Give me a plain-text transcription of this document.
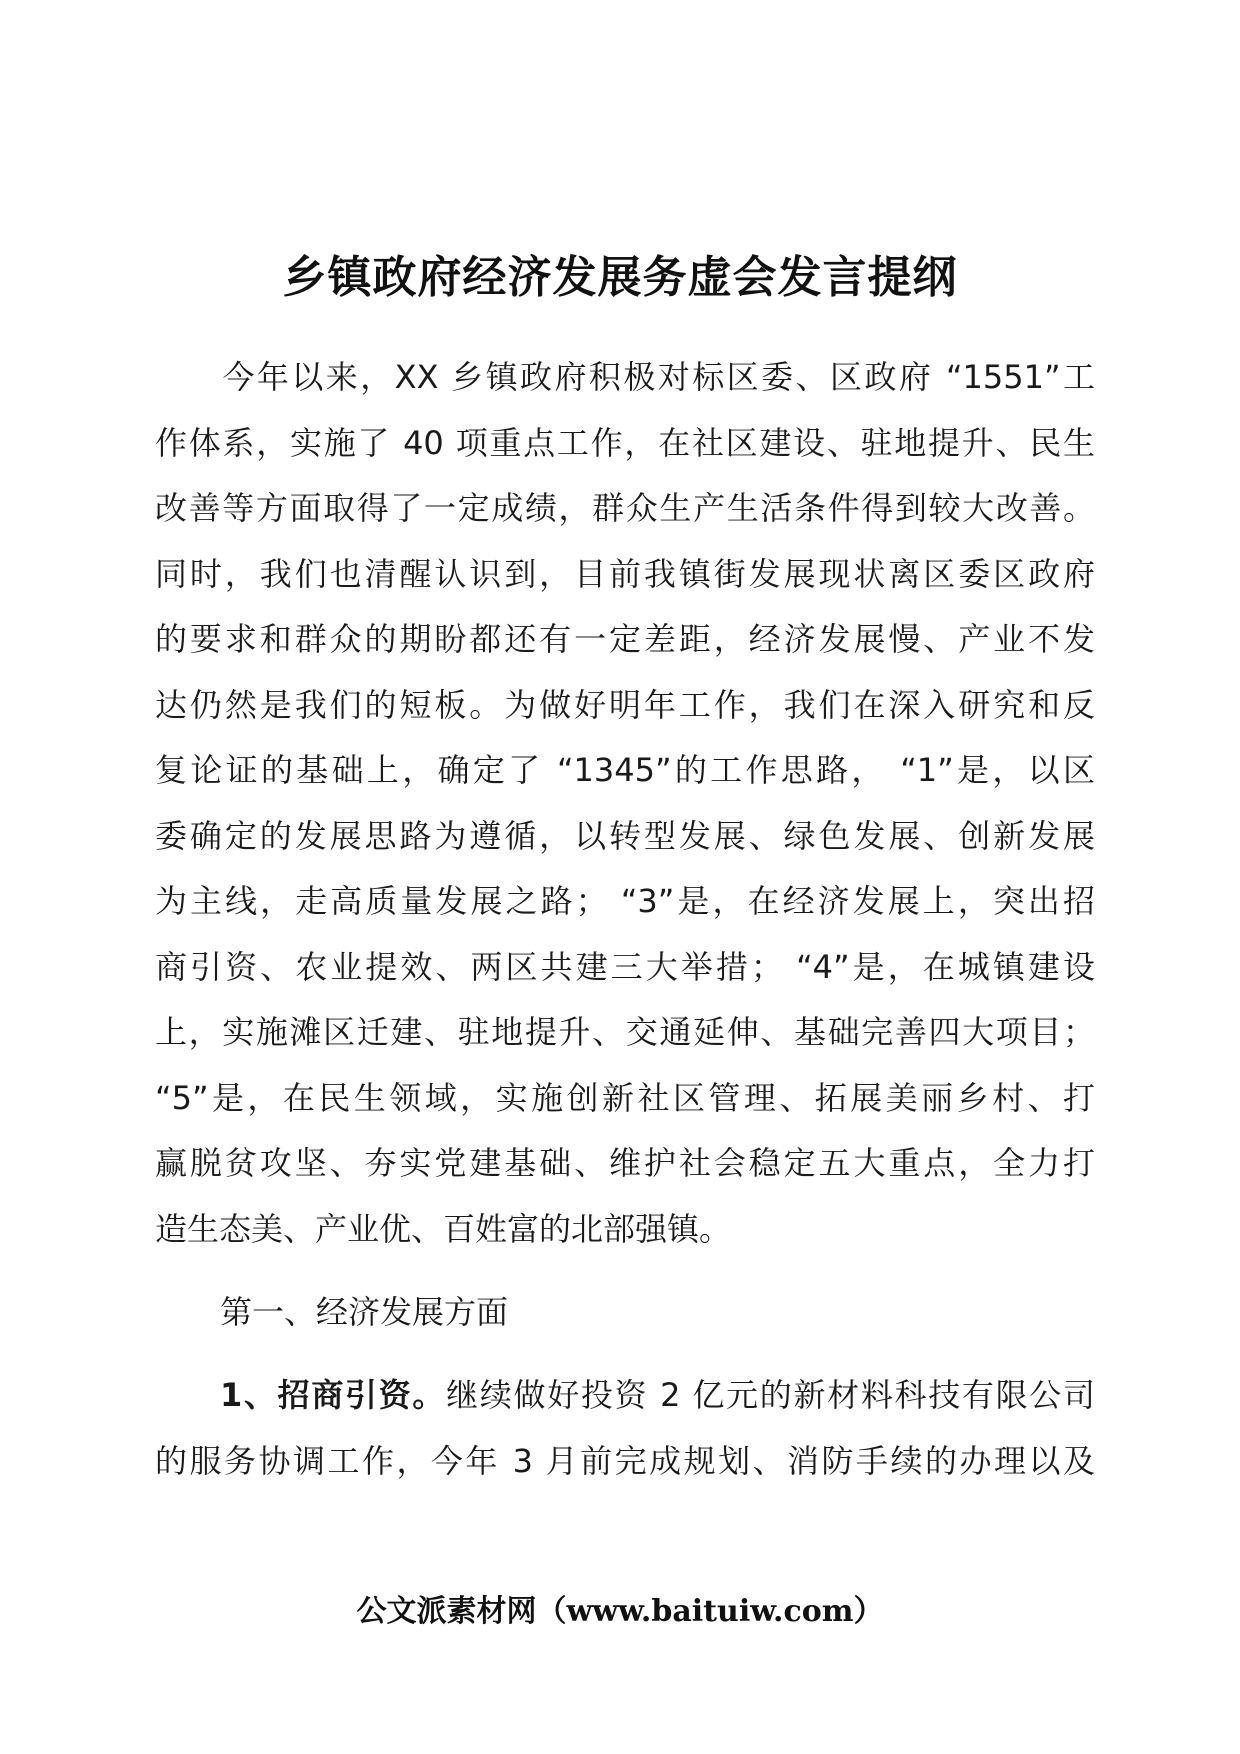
乡镇政府经济发展务虚会发言提纲
今年以来，XX 乡镇政府积极对标区委、区政府 “1551”工
作体系，实施了 40 项重点工作，在社区建设、驻地提升、民生
改善等方面取得了一定成绩，群众生产生活条件得到较大改善。
同时，我们也清醒认识到，目前我镇街发展现状离区委区政府
的要求和群众的期盼都还有一定差距，经济发展慢、产业不发
达仍然是我们的短板。为做好明年工作，我们在深入研究和反
复论证的基础上，确定了 “1345”的工作思路， “1”是，以区
委确定的发展思路为遵循，以转型发展、绿色发展、创新发展
为主线，走高质量发展之路； “3”是，在经济发展上，突出招
商引资、农业提效、两区共建三大举措； “4”是，在城镇建设
上，实施滩区迁建、驻地提升、交通延伸、基础完善四大项目；
“5”是，在民生领域，实施创新社区管理、拓展美丽乡村、打
赢脱贫攻坚、夯实党建基础、维护社会稳定五大重点，全力打
造生态美、产业优、百姓富的北部强镇。
第一、经济发展方面
1、招商引资。继续做好投资 2 亿元的新材料科技有限公司
的服务协调工作，今年 3 月前完成规划、消防手续的办理以及
公文派素材网（www.baituiw.com）
